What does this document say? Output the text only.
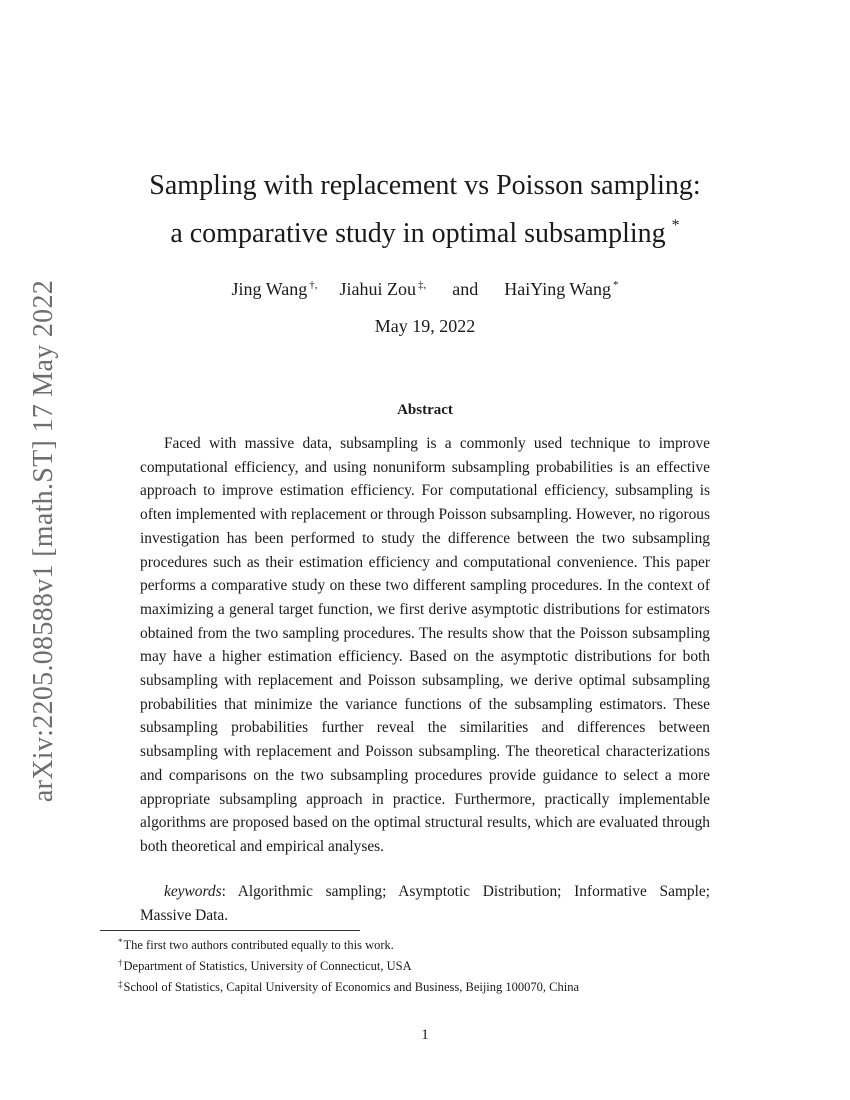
arXiv:2205.08588v1 [math.ST] 17 May 2022
Sampling with replacement vs Poisson sampling:
a comparative study in optimal subsampling *
Jing Wang †, Jiahui Zou ‡, and HaiYing Wang *
May 19, 2022
Abstract

Faced with massive data, subsampling is a commonly used technique to improve computational efficiency, and using nonuniform subsampling probabilities is an effective approach to improve estimation efficiency. For computational efficiency, subsampling is often implemented with replacement or through Poisson subsampling. However, no rigorous investigation has been performed to study the difference between the two subsampling procedures such as their estimation efficiency and computational convenience. This paper performs a comparative study on these two different sampling procedures. In the context of maximizing a general target function, we first derive asymptotic distributions for estimators obtained from the two sampling procedures. The results show that the Poisson subsampling may have a higher estimation efficiency. Based on the asymptotic distributions for both subsampling with replacement and Poisson subsampling, we derive optimal subsampling probabilities that minimize the variance functions of the subsampling estimators. These subsampling probabilities further reveal the similarities and differences between subsampling with replacement and Poisson subsampling. The theoretical characterizations and comparisons on the two subsampling procedures provide guidance to select a more appropriate subsampling approach in practice. Furthermore, practically implementable algorithms are proposed based on the optimal structural results, which are evaluated through both theoretical and empirical analyses.

keywords: Algorithmic sampling; Asymptotic Distribution; Informative Sample; Massive Data.

*The first two authors contributed equally to this work.
†Department of Statistics, University of Connecticut, USA
‡School of Statistics, Capital University of Economics and Business, Beijing 100070, China
1
